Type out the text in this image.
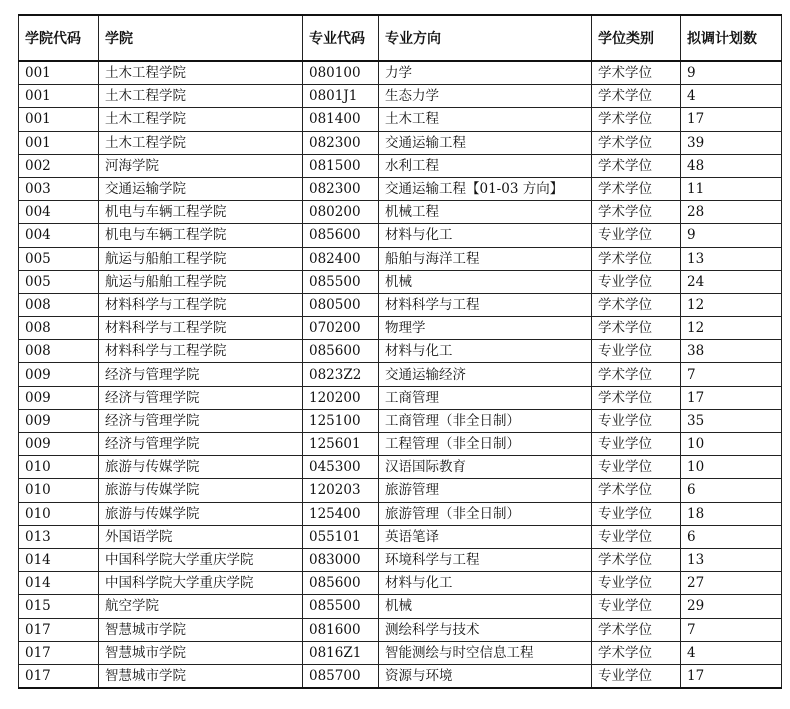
学院代码	学院	专业代码	专业方向	学位类别	拟调计划数
001	土木工程学院	080100	力学	学术学位	9
001	土木工程学院	0801J1	生态力学	学术学位	4
001	土木工程学院	081400	土木工程	学术学位	17
001	土木工程学院	082300	交通运输工程	学术学位	39
002	河海学院	081500	水利工程	学术学位	48
003	交通运输学院	082300	交通运输工程【01-03 方向】	学术学位	11
004	机电与车辆工程学院	080200	机械工程	学术学位	28
004	机电与车辆工程学院	085600	材料与化工	专业学位	9
005	航运与船舶工程学院	082400	船舶与海洋工程	学术学位	13
005	航运与船舶工程学院	085500	机械	专业学位	24
008	材料科学与工程学院	080500	材料科学与工程	学术学位	12
008	材料科学与工程学院	070200	物理学	学术学位	12
008	材料科学与工程学院	085600	材料与化工	专业学位	38
009	经济与管理学院	0823Z2	交通运输经济	学术学位	7
009	经济与管理学院	120200	工商管理	学术学位	17
009	经济与管理学院	125100	工商管理（非全日制）	专业学位	35
009	经济与管理学院	125601	工程管理（非全日制）	专业学位	10
010	旅游与传媒学院	045300	汉语国际教育	专业学位	10
010	旅游与传媒学院	120203	旅游管理	学术学位	6
010	旅游与传媒学院	125400	旅游管理（非全日制）	专业学位	18
013	外国语学院	055101	英语笔译	专业学位	6
014	中国科学院大学重庆学院	083000	环境科学与工程	学术学位	13
014	中国科学院大学重庆学院	085600	材料与化工	专业学位	27
015	航空学院	085500	机械	专业学位	29
017	智慧城市学院	081600	测绘科学与技术	学术学位	7
017	智慧城市学院	0816Z1	智能测绘与时空信息工程	学术学位	4
017	智慧城市学院	085700	资源与环境	专业学位	17
